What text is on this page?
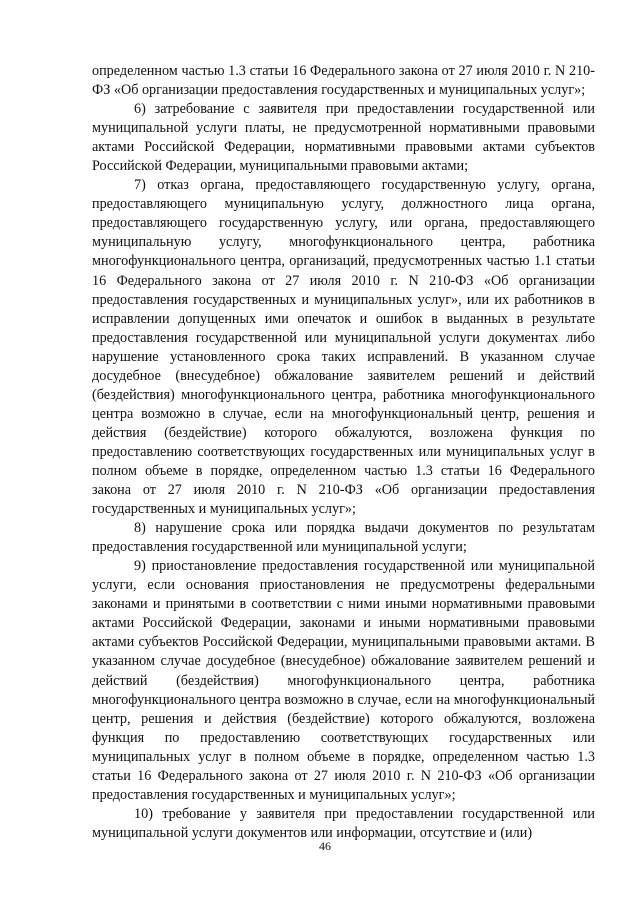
определенном частью 1.3 статьи 16 Федерального закона от 27 июля 2010 г. N 210-ФЗ «Об организации предоставления государственных и муниципальных услуг»;

6) затребование с заявителя при предоставлении государственной или муниципальной услуги платы, не предусмотренной нормативными правовыми актами Российской Федерации, нормативными правовыми актами субъектов Российской Федерации, муниципальными правовыми актами;

7) отказ органа, предоставляющего государственную услугу, органа, предоставляющего муниципальную услугу, должностного лица органа, предоставляющего государственную услугу, или органа, предоставляющего муниципальную услугу, многофункционального центра, работника многофункционального центра, организаций, предусмотренных частью 1.1 статьи 16 Федерального закона от 27 июля 2010 г. N 210-ФЗ «Об организации предоставления государственных и муниципальных услуг», или их работников в исправлении допущенных ими опечаток и ошибок в выданных в результате предоставления государственной или муниципальной услуги документах либо нарушение установленного срока таких исправлений. В указанном случае досудебное (внесудебное) обжалование заявителем решений и действий (бездействия) многофункционального центра, работника многофункционального центра возможно в случае, если на многофункциональный центр, решения и действия (бездействие) которого обжалуются, возложена функция по предоставлению соответствующих государственных или муниципальных услуг в полном объеме в порядке, определенном частью 1.3 статьи 16 Федерального закона от 27 июля 2010 г. N 210-ФЗ «Об организации предоставления государственных и муниципальных услуг»;

8) нарушение срока или порядка выдачи документов по результатам предоставления государственной или муниципальной услуги;

9) приостановление предоставления государственной или муниципальной услуги, если основания приостановления не предусмотрены федеральными законами и принятыми в соответствии с ними иными нормативными правовыми актами Российской Федерации, законами и иными нормативными правовыми актами субъектов Российской Федерации, муниципальными правовыми актами. В указанном случае досудебное (внесудебное) обжалование заявителем решений и действий (бездействия) многофункционального центра, работника многофункционального центра возможно в случае, если на многофункциональный центр, решения и действия (бездействие) которого обжалуются, возложена функция по предоставлению соответствующих государственных или муниципальных услуг в полном объеме в порядке, определенном частью 1.3 статьи 16 Федерального закона от 27 июля 2010 г. N 210-ФЗ «Об организации предоставления государственных и муниципальных услуг»;

10) требование у заявителя при предоставлении государственной или муниципальной услуги документов или информации, отсутствие и (или)

46
